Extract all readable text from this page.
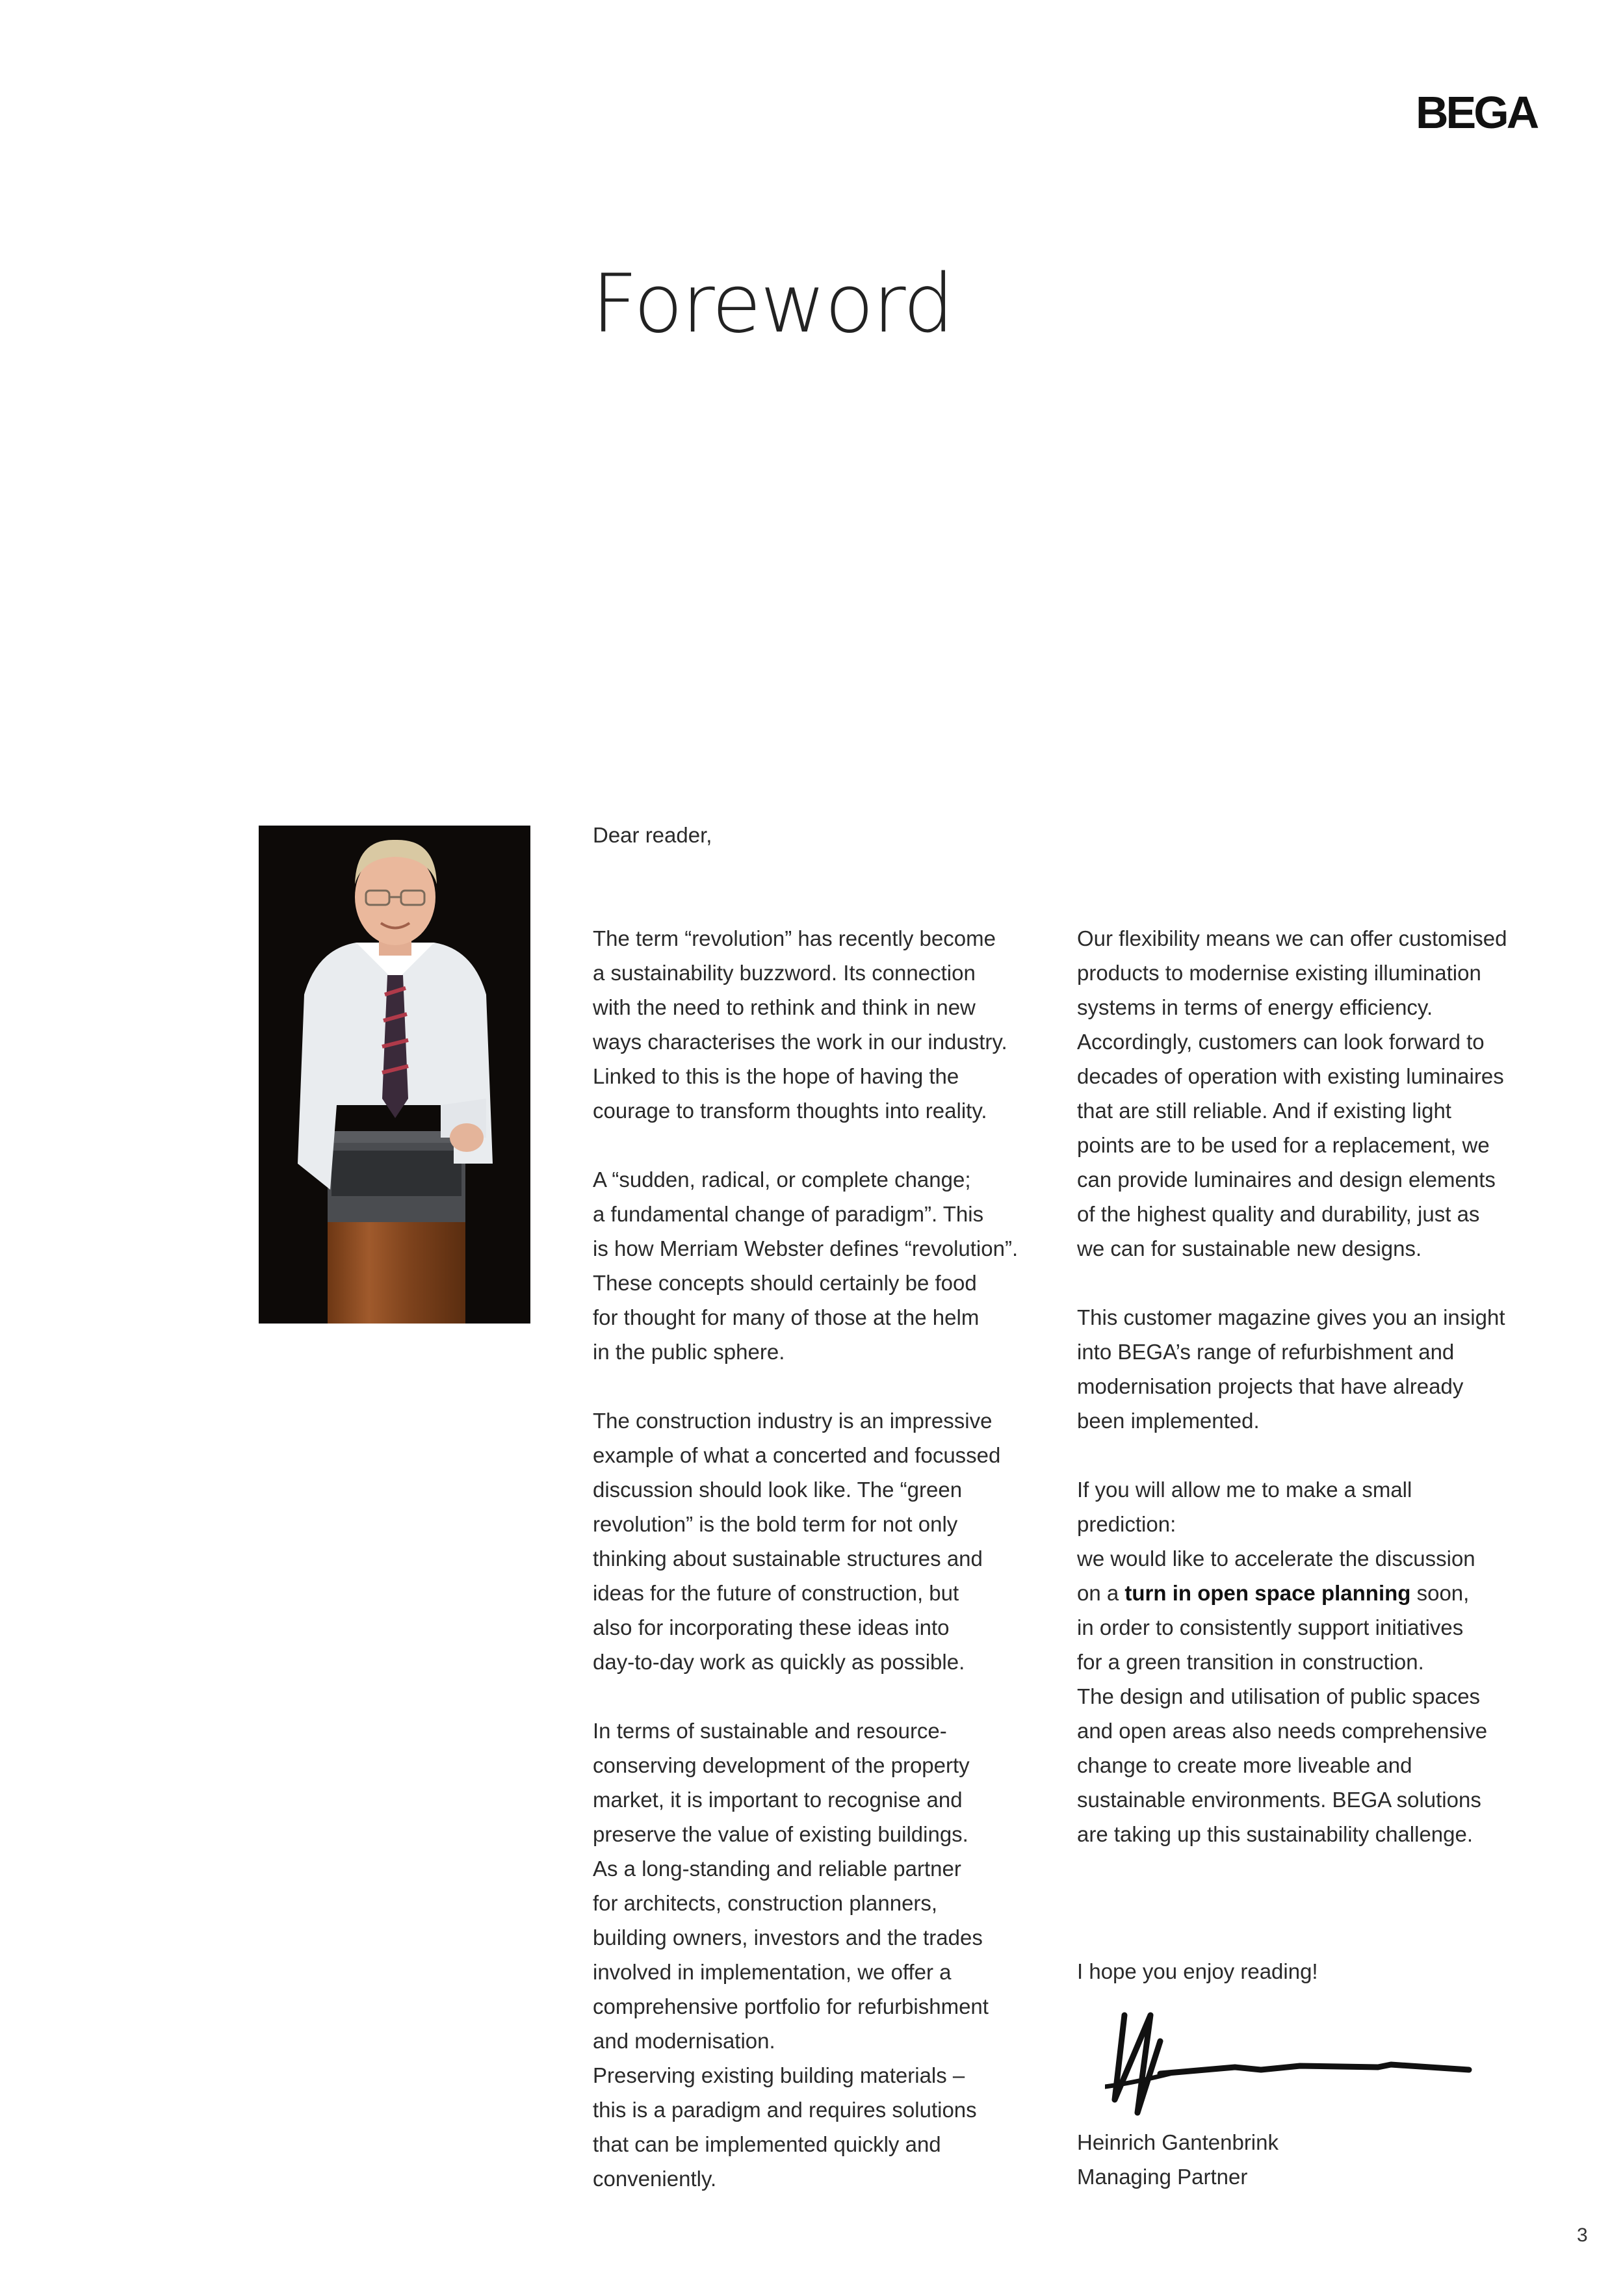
BEGA
Foreword
Dear reader,

The term “revolution” has recently become
a sustainability buzzword. Its connection
with the need to rethink and think in new
ways characterises the work in our industry.
Linked to this is the hope of having the
courage to transform thoughts into reality.

A “sudden, radical, or complete change;
a fundamental change of paradigm”. This
is how Merriam Webster defines “revolution”.
These concepts should certainly be food
for thought for many of those at the helm
in the public sphere.

The construction industry is an impressive
example of what a concerted and focussed
discussion should look like. The “green
revolution” is the bold term for not only
thinking about sustainable structures and
ideas for the future of construction, but
also for incorporating these ideas into
day-to-day work as quickly as possible.

In terms of sustainable and resource-
conserving development of the property
market, it is important to recognise and
preserve the value of existing buildings.
As a long-standing and reliable partner
for architects, construction planners,
building owners, investors and the trades
involved in implementation, we offer a
comprehensive portfolio for refurbishment
and modernisation.
Preserving existing building materials –
this is a paradigm and requires solutions
that can be implemented quickly and
conveniently.

Our flexibility means we can offer customised
products to modernise existing illumination
systems in terms of energy efficiency.
Accordingly, customers can look forward to
decades of operation with existing luminaires
that are still reliable. And if existing light
points are to be used for a replacement, we
can provide luminaires and design elements
of the highest quality and durability, just as
we can for sustainable new designs.

This customer magazine gives you an insight
into BEGA’s range of refurbishment and
modernisation projects that have already
been implemented.

If you will allow me to make a small
prediction:
we would like to accelerate the discussion
on a turn in open space planning soon,
in order to consistently support initiatives
for a green transition in construction.
The design and utilisation of public spaces
and open areas also needs comprehensive
change to create more liveable and
sustainable environments. BEGA solutions
are taking up this sustainability challenge.

I hope you enjoy reading!
Heinrich Gantenbrink
Managing Partner
3
